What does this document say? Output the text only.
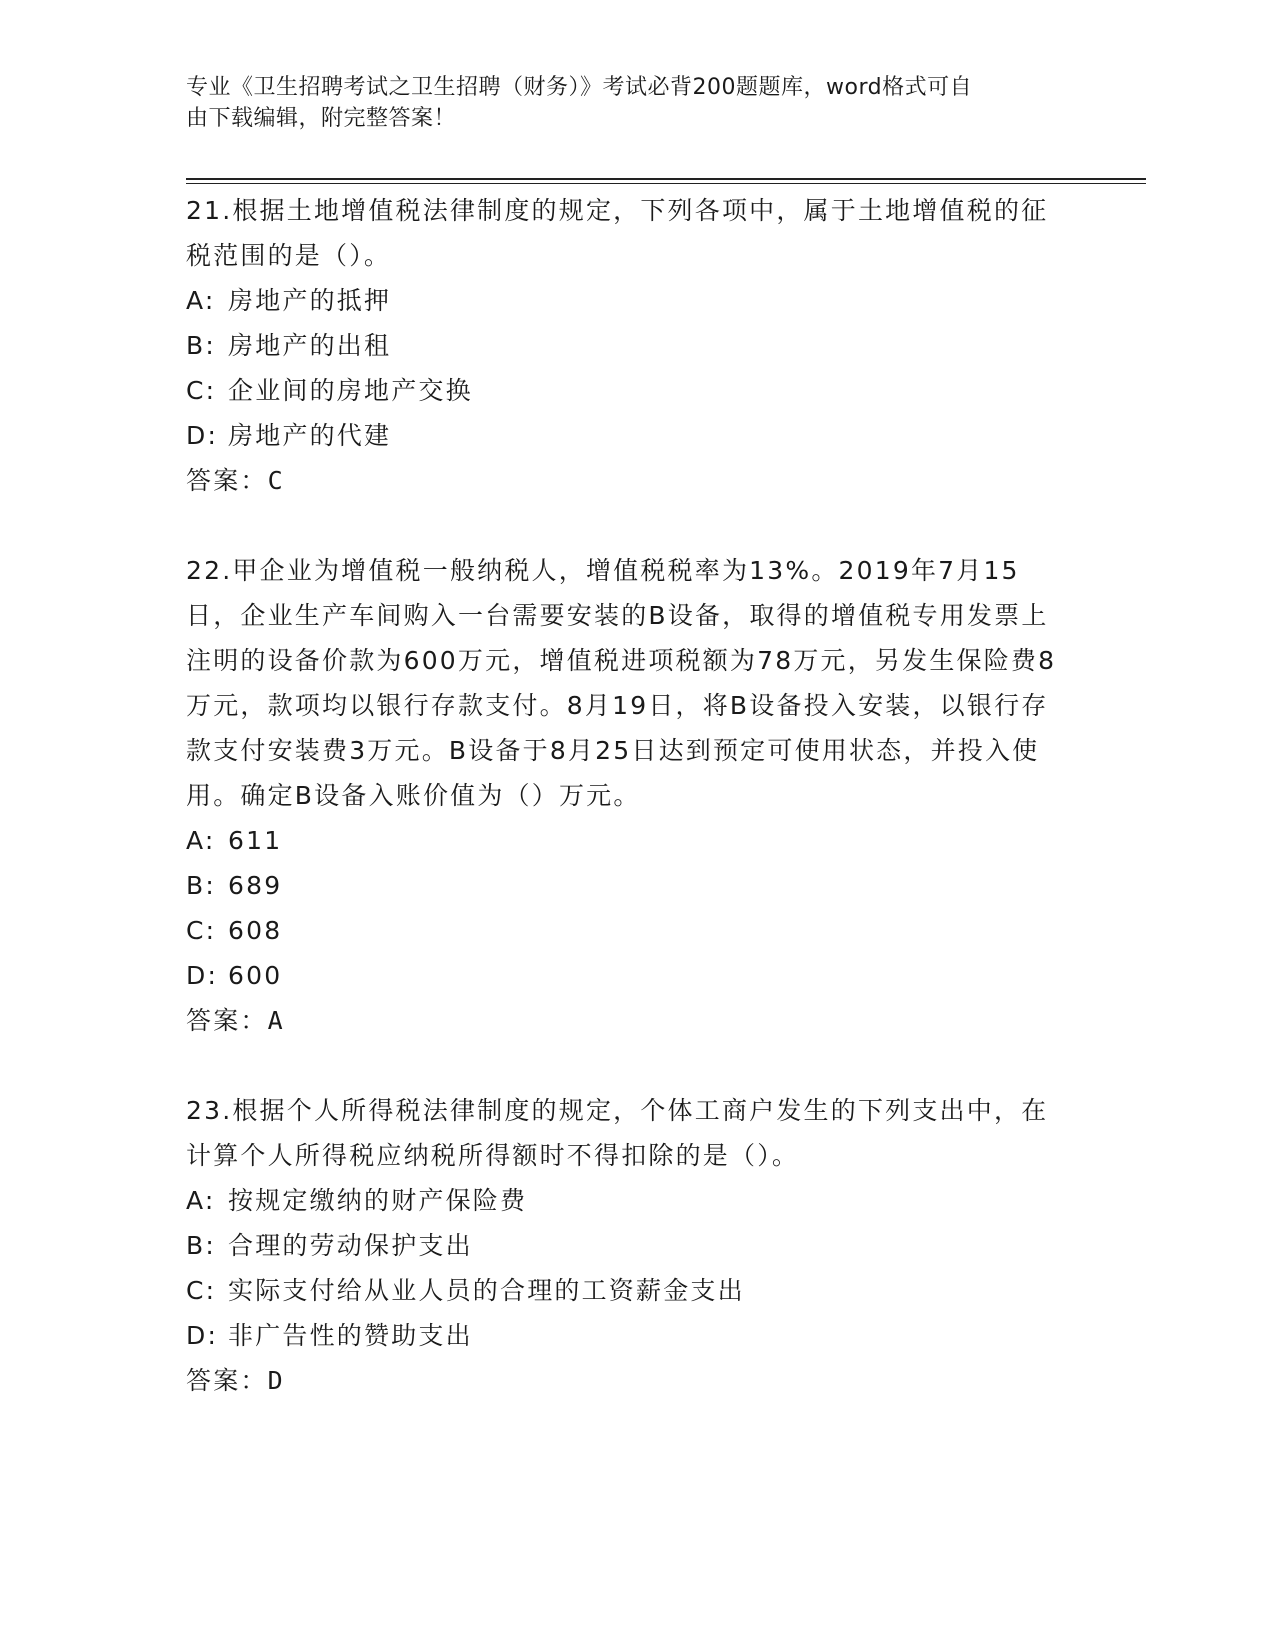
专业《卫生招聘考试之卫生招聘（财务）》考试必背200题题库，word格式可自
由下载编辑，附完整答案！

21.根据土地增值税法律制度的规定，下列各项中，属于土地增值税的征税范围的是（）。

A: 房地产的抵押

B: 房地产的出租

C: 企业间的房地产交换

D: 房地产的代建

答案：C

22.甲企业为增值税一般纳税人，增值税税率为13%。2019年7月15日，企业生产车间购入一台需要安装的B设备，取得的增值税专用发票上注明的设备价款为600万元，增值税进项税额为78万元，另发生保险费8万元，款项均以银行存款支付。8月19日，将B设备投入安装，以银行存款支付安装费3万元。B设备于8月25日达到预定可使用状态，并投入使用。确定B设备入账价值为（）万元。

A: 611

B: 689

C: 608

D: 600

答案：A

23.根据个人所得税法律制度的规定，个体工商户发生的下列支出中，在计算个人所得税应纳税所得额时不得扣除的是（）。

A: 按规定缴纳的财产保险费

B: 合理的劳动保护支出

C: 实际支付给从业人员的合理的工资薪金支出

D: 非广告性的赞助支出

答案：D
